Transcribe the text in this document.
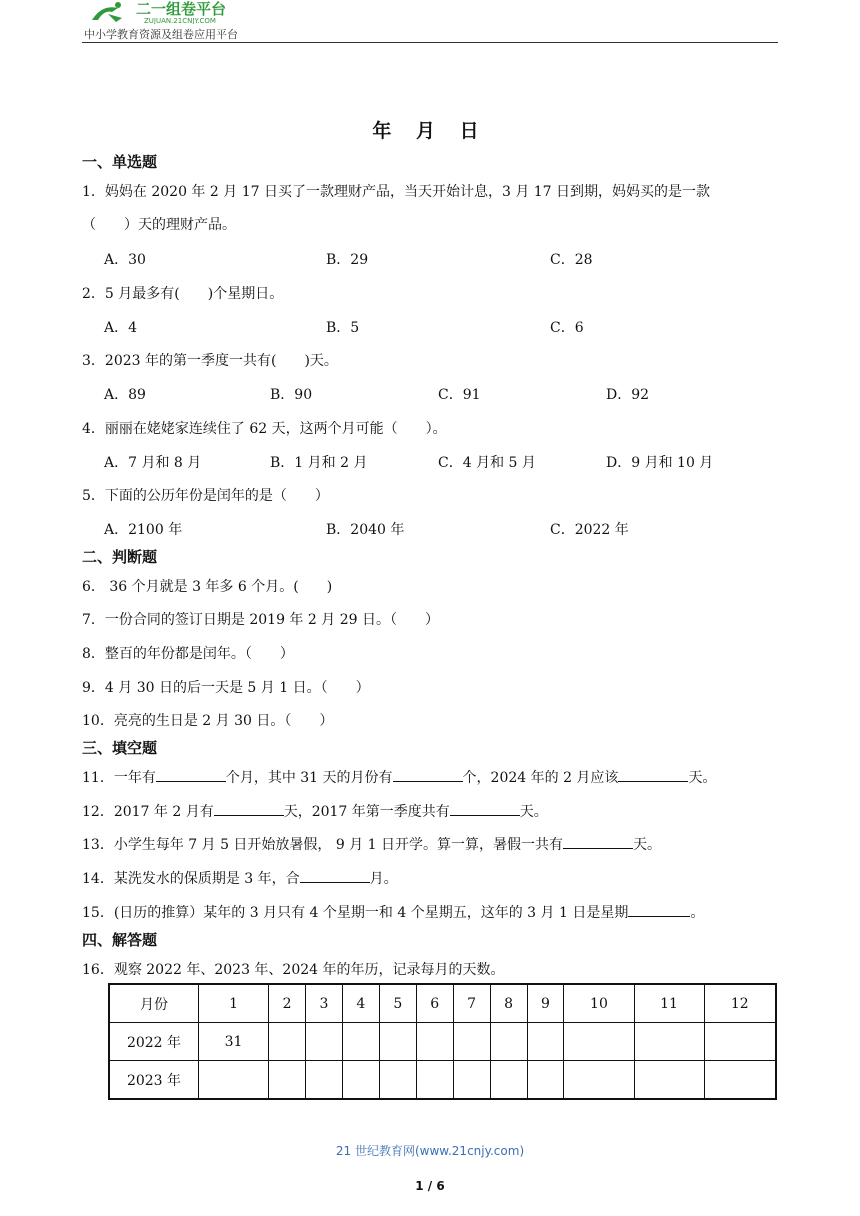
二一组卷平台
ZUJUAN.21CNJY.COM
中小学教育资源及组卷应用平台
年 月 日
一、单选题
1．妈妈在 2020 年 2 月 17 日买了一款理财产品，当天开始计息，3 月 17 日到期，妈妈买的是一款
（　　）天的理财产品。
A．30	B．29	C．28
2．5 月最多有(　　)个星期日。
A．4	B．5	C．6
3．2023 年的第一季度一共有(　　)天。
A．89	B．90	C．91	D．92
4．丽丽在姥姥家连续住了 62 天，这两个月可能（　　）。
A．7 月和 8 月	B．1 月和 2 月	C．4 月和 5 月	D．9 月和 10 月
5．下面的公历年份是闰年的是（　　）
A．2100 年	B．2040 年	C．2022 年
二、判断题
6． 36 个月就是 3 年多 6 个月。(　　)
7．一份合同的签订日期是 2019 年 2 月 29 日。（　　）
8．整百的年份都是闰年。（　　）
9．4 月 30 日的后一天是 5 月 1 日。（　　）
10．亮亮的生日是 2 月 30 日。（　　）
三、填空题
11．一年有	个月，其中 31 天的月份有	个，2024 年的 2 月应该	天。
12．2017 年 2 月有	天，2017 年第一季度共有	天。
13．小学生每年 7 月 5 日开始放暑假， 9 月 1 日开学。算一算，暑假一共有	天。
14．某洗发水的保质期是 3 年，合	月。
15．(日历的推算）某年的 3 月只有 4 个星期一和 4 个星期五，这年的 3 月 1 日是星期	。
四、解答题
16．观察 2022 年、2023 年、2024 年的年历，记录每月的天数。
月份	1	2	3	4	5	6	7	8	9	10	11	12
2022 年	31											
2023 年												
21 世纪教育网(www.21cnjy.com)
1 / 6
